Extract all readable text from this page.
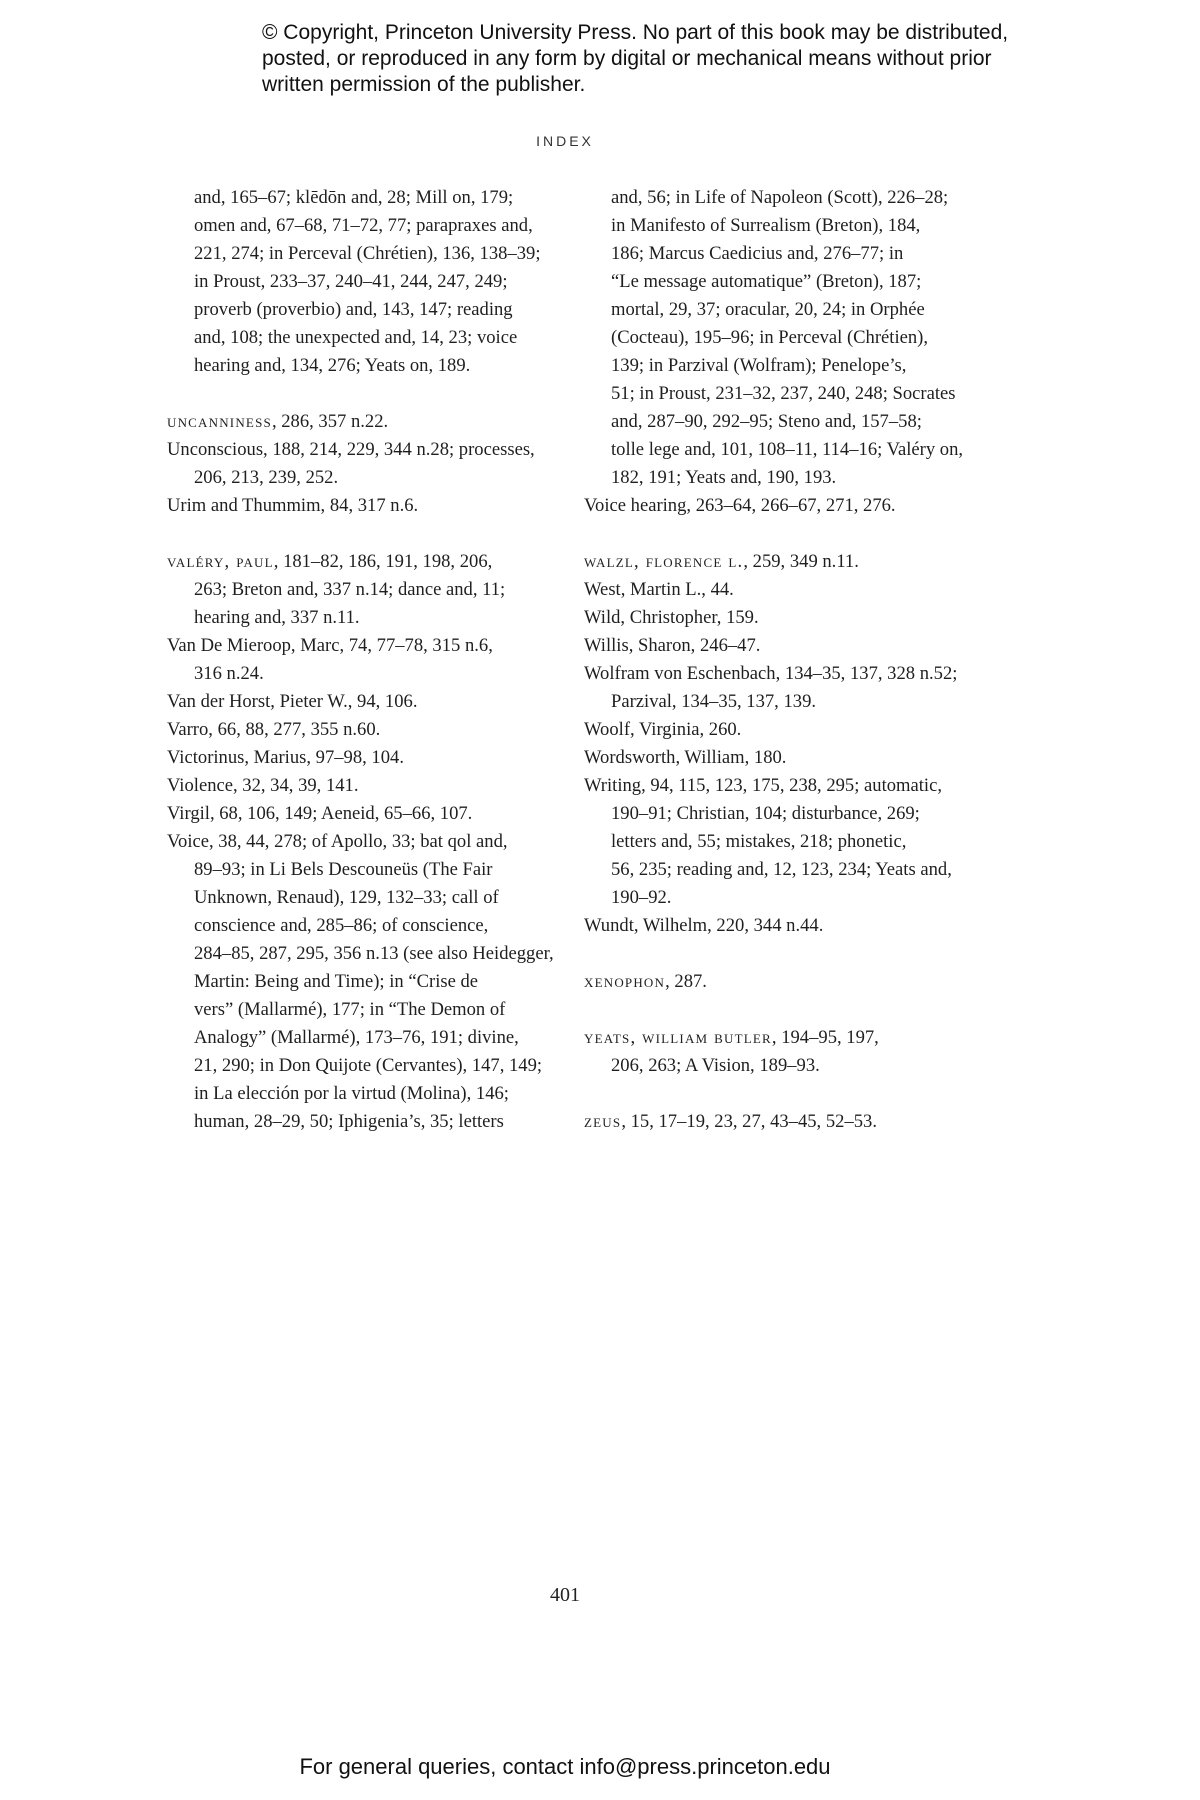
© Copyright, Princeton University Press. No part of this book may be distributed, posted, or reproduced in any form by digital or mechanical means without prior written permission of the publisher.
INDEX
and, 165–67; klēdōn and, 28; Mill on, 179;
omen and, 67–68, 71–72, 77; parapraxes and,
221, 274; in Perceval (Chrétien), 136, 138–39;
in Proust, 233–37, 240–41, 244, 247, 249;
proverb (proverbio) and, 143, 147; reading
and, 108; the unexpected and, 14, 23; voice
hearing and, 134, 276; Yeats on, 189.
uncanniness, 286, 357 n.22.
Unconscious, 188, 214, 229, 344 n.28; processes,
206, 213, 239, 252.
Urim and Thummim, 84, 317 n.6.
valéry, paul, 181–82, 186, 191, 198, 206,
263; Breton and, 337 n.14; dance and, 11;
hearing and, 337 n.11.
Van De Mieroop, Marc, 74, 77–78, 315 n.6,
316 n.24.
Van der Horst, Pieter W., 94, 106.
Varro, 66, 88, 277, 355 n.60.
Victorinus, Marius, 97–98, 104.
Violence, 32, 34, 39, 141.
Virgil, 68, 106, 149; Aeneid, 65–66, 107.
Voice, 38, 44, 278; of Apollo, 33; bat qol and,
89–93; in Li Bels Descouneüs (The Fair
Unknown, Renaud), 129, 132–33; call of
conscience and, 285–86; of conscience,
284–85, 287, 295, 356 n.13 (see also Heidegger,
Martin: Being and Time); in “Crise de
vers” (Mallarmé), 177; in “The Demon of
Analogy” (Mallarmé), 173–76, 191; divine,
21, 290; in Don Quijote (Cervantes), 147, 149;
in La elección por la virtud (Molina), 146;
human, 28–29, 50; Iphigenia’s, 35; letters
and, 56; in Life of Napoleon (Scott), 226–28;
in Manifesto of Surrealism (Breton), 184,
186; Marcus Caedicius and, 276–77; in
“Le message automatique” (Breton), 187;
mortal, 29, 37; oracular, 20, 24; in Orphée
(Cocteau), 195–96; in Perceval (Chrétien),
139; in Parzival (Wolfram); Penelope’s,
51; in Proust, 231–32, 237, 240, 248; Socrates
and, 287–90, 292–95; Steno and, 157–58;
tolle lege and, 101, 108–11, 114–16; Valéry on,
182, 191; Yeats and, 190, 193.
Voice hearing, 263–64, 266–67, 271, 276.
walzl, florence l., 259, 349 n.11.
West, Martin L., 44.
Wild, Christopher, 159.
Willis, Sharon, 246–47.
Wolfram von Eschenbach, 134–35, 137, 328 n.52;
Parzival, 134–35, 137, 139.
Woolf, Virginia, 260.
Wordsworth, William, 180.
Writing, 94, 115, 123, 175, 238, 295; automatic,
190–91; Christian, 104; disturbance, 269;
letters and, 55; mistakes, 218; phonetic,
56, 235; reading and, 12, 123, 234; Yeats and,
190–92.
Wundt, Wilhelm, 220, 344 n.44.
xenophon, 287.
yeats, william butler, 194–95, 197,
206, 263; A Vision, 189–93.
zeus, 15, 17–19, 23, 27, 43–45, 52–53.
401
For general queries, contact info@press.princeton.edu
